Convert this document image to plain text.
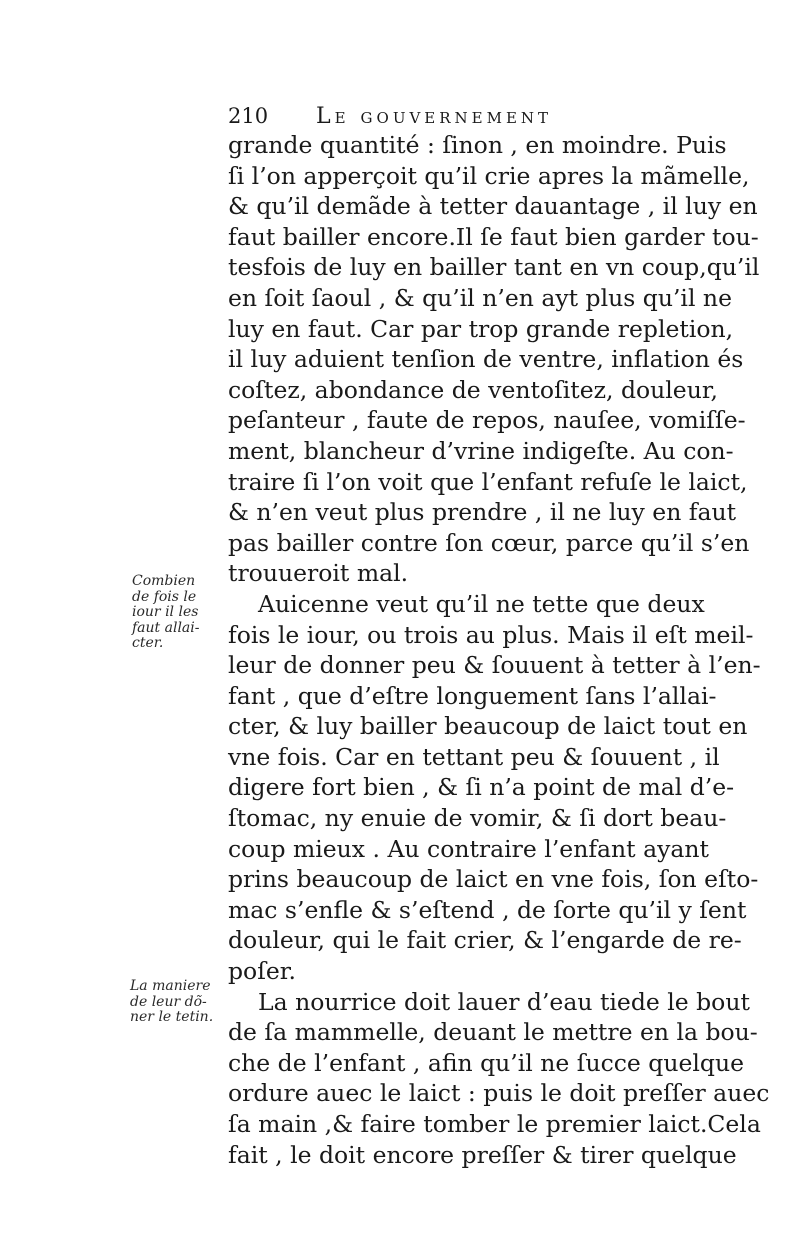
210 Le gouvernement
grande quantité : ſinon , en moindre. Puis
ſi l’on apperçoit qu’il crie apres la mãmelle,
& qu’il demãde à tetter dauantage , il luy en
faut bailler encore.Il ſe faut bien garder tou-
tesfois de luy en bailler tant en vn coup,qu’il
en ſoit ſaoul , & qu’il n’en ayt plus qu’il ne
luy en faut. Car par trop grande repletion,
il luy aduient tenſion de ventre, inflation és
coſtez, abondance de ventoſitez, douleur,
peſanteur , faute de repos, nauſee, vomiſſe-
ment, blancheur d’vrine indigeſte. Au con-
traire ſi l’on voit que l’enfant refuſe le laict,
& n’en veut plus prendre , il ne luy en faut
pas bailler contre ſon cœur, parce qu’il s’en
trouueroit mal.
Auicenne veut qu’il ne tette que deux
fois le iour, ou trois au plus. Mais il eſt meil-
leur de donner peu & ſouuent à tetter à l’en-
fant , que d’eſtre longuement ſans l’allai-
cter, & luy bailler beaucoup de laict tout en
vne fois. Car en tettant peu & ſouuent , il
digere fort bien , & ſi n’a point de mal d’e-
ſtomac, ny enuie de vomir, & ſi dort beau-
coup mieux . Au contraire l’enfant ayant
prins beaucoup de laict en vne fois, ſon eſto-
mac s’enfle & s’eſtend , de ſorte qu’il y ſent
douleur, qui le fait crier, & l’engarde de re-
poſer.
La nourrice doit lauer d’eau tiede le bout
de ſa mammelle, deuant le mettre en la bou-
che de l’enfant , afin qu’il ne ſucce quelque
ordure auec le laict : puis le doit preſſer auec
ſa main ,& faire tomber le premier laict.Cela
fait , le doit encore preſſer & tirer quelque
Combien
de fois le
iour il les
faut allai-
cter.
La maniere
de leur dõ-
ner le tetin.
